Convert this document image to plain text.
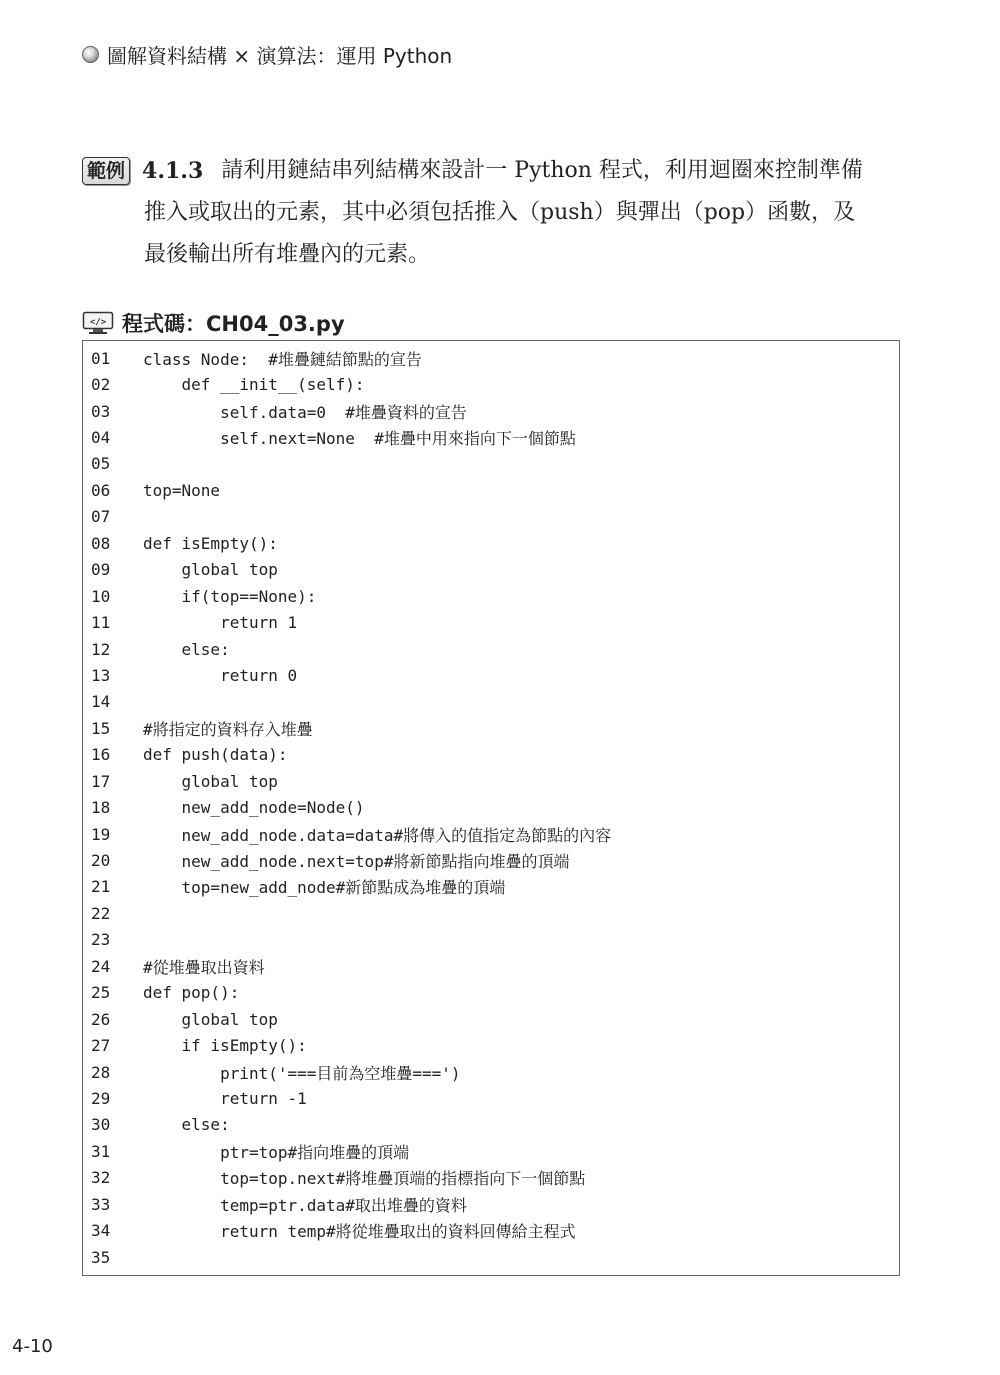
圖解資料結構 × 演算法：運用 Python
範例 4.1.3 請利用鏈結串列結構來設計一 Python 程式，利用迴圈來控制準備
推入或取出的元素，其中必須包括推入（push）與彈出（pop）函數，及
最後輸出所有堆疊內的元素。
</> 程式碼：CH04_03.py
01	class Node:  #堆疊鏈結節點的宣告
02	def __init__(self):
03	self.data=0  #堆疊資料的宣告
04	self.next=None  #堆疊中用來指向下一個節點
05
06	top=None
07
08	def isEmpty():
09	global top
10	if(top==None):
11	return 1
12	else:
13	return 0
14
15	#將指定的資料存入堆疊
16	def push(data):
17	global top
18	new_add_node=Node()
19	new_add_node.data=data#將傳入的值指定為節點的內容
20	new_add_node.next=top#將新節點指向堆疊的頂端
21	top=new_add_node#新節點成為堆疊的頂端
22
23
24	#從堆疊取出資料
25	def pop():
26	global top
27	if isEmpty():
28	print('===目前為空堆疊===')
29	return -1
30	else:
31	ptr=top#指向堆疊的頂端
32	top=top.next#將堆疊頂端的指標指向下一個節點
33	temp=ptr.data#取出堆疊的資料
34	return temp#將從堆疊取出的資料回傳給主程式
35
4-10
